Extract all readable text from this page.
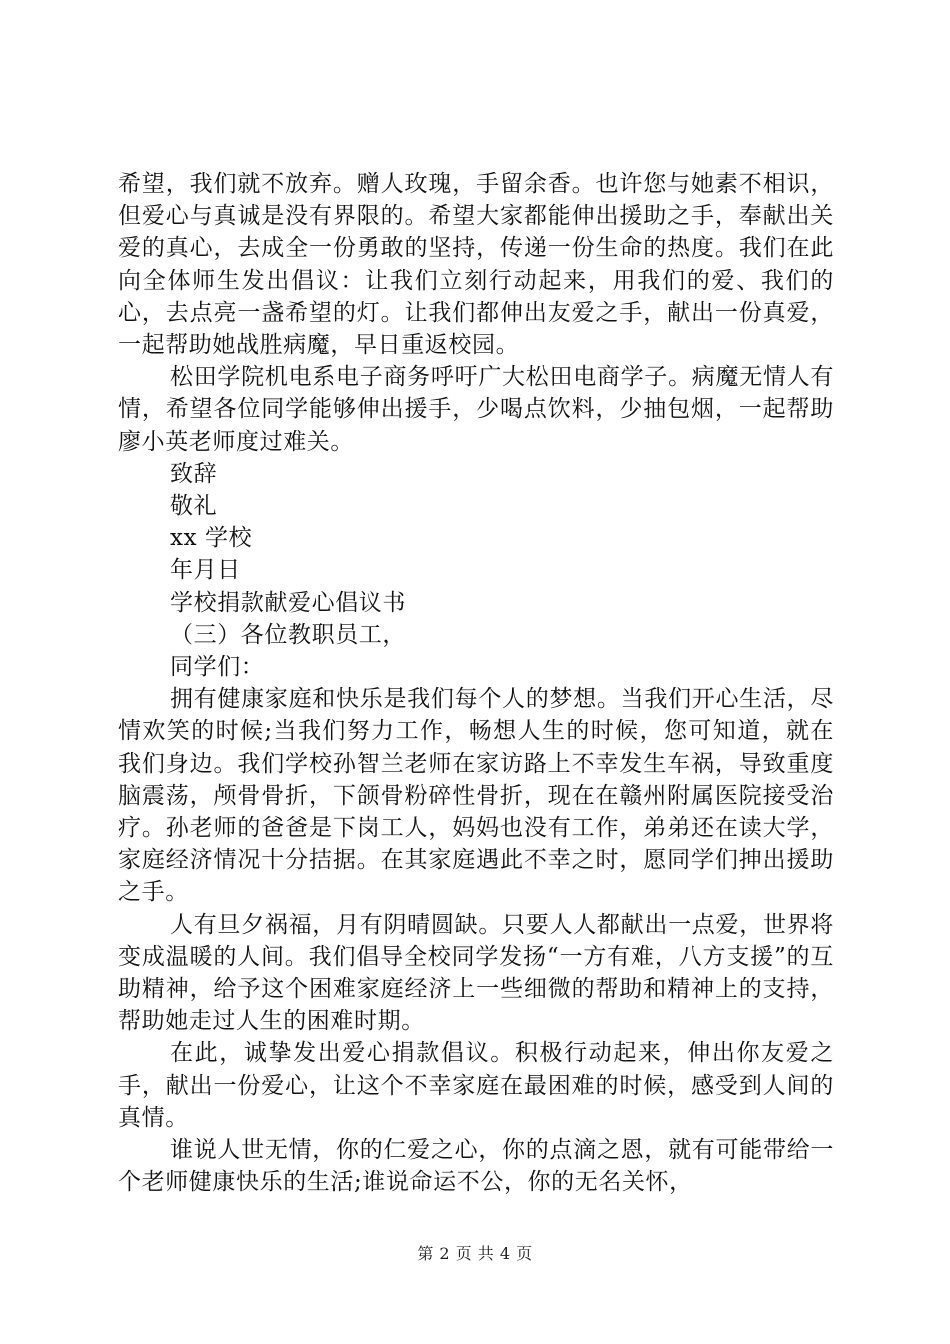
希望，我们就不放弃。赠人玫瑰，手留余香。也许您与她素不相识，但爱心与真诚是没有界限的。希望大家都能伸出援助之手，奉献出关爱的真心，去成全一份勇敢的坚持，传递一份生命的热度。我们在此向全体师生发出倡议：让我们立刻行动起来，用我们的爱、我们的心，去点亮一盏希望的灯。让我们都伸出友爱之手，献出一份真爱，一起帮助她战胜病魔，早日重返校园。

松田学院机电系电子商务呼吁广大松田电商学子。病魔无情人有情，希望各位同学能够伸出援手，少喝点饮料，少抽包烟，一起帮助廖小英老师度过难关。

致辞

敬礼

xx 学校

年月日

学校捐款献爱心倡议书

（三）各位教职员工，

同学们：

拥有健康家庭和快乐是我们每个人的梦想。当我们开心生活，尽情欢笑的时候;当我们努力工作，畅想人生的时候，您可知道，就在我们身边。我们学校孙智兰老师在家访路上不幸发生车祸，导致重度脑震荡，颅骨骨折，下颌骨粉碎性骨折，现在在赣州附属医院接受治疗。孙老师的爸爸是下岗工人，妈妈也没有工作，弟弟还在读大学，家庭经济情况十分拮据。在其家庭遇此不幸之时，愿同学们抻出援助之手。

人有旦夕祸福，月有阴晴圆缺。只要人人都献出一点爱，世界将变成温暖的人间。我们倡导全校同学发扬“一方有难，八方支援”的互助精神，给予这个困难家庭经济上一些细微的帮助和精神上的支持，帮助她走过人生的困难时期。

在此，诚挚发出爱心捐款倡议。积极行动起来，伸出你友爱之手，献出一份爱心，让这个不幸家庭在最困难的时候，感受到人间的真情。

谁说人世无情，你的仁爱之心，你的点滴之恩，就有可能带给一个老师健康快乐的生活;谁说命运不公，你的无名关怀，

第 2 页 共 4 页
